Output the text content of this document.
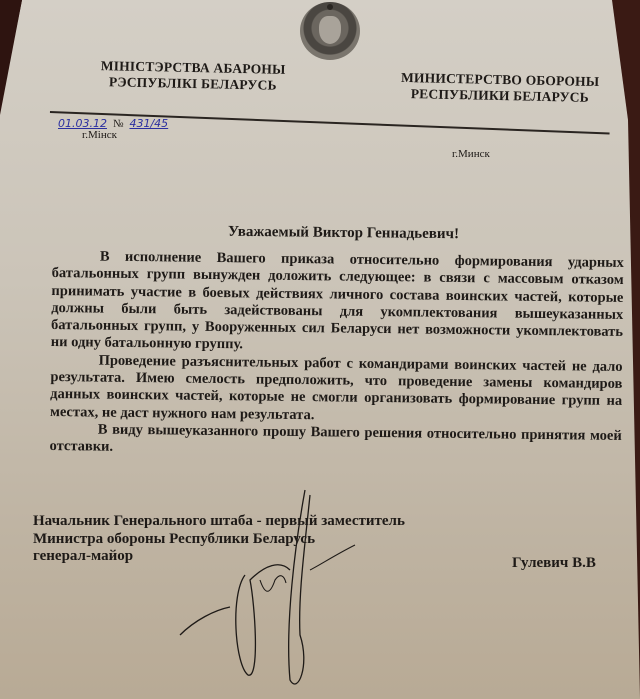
МІНІСТЭРСТВА АБАРОНЫ
РЭСПУБЛІКІ БЕЛАРУСЬ	МИНИСТЕРСТВО ОБОРОНЫ
РЕСПУБЛИКИ БЕЛАРУСЬ
01.03.12 № 431/45
г.Мінск
г.Минск
Уважаемый Виктор Геннадьевич!

В исполнение Вашего приказа относительно формирования ударных батальонных групп вынужден доложить следующее: в связи с массовым отказом принимать участие в боевых действиях личного состава воинских частей, которые должны были быть задействованы для укомплектования вышеуказанных батальонных групп, у Вооруженных сил Беларуси нет возможности укомплектовать ни одну батальонную группу.

Проведение разъяснительных работ с командирами воинских частей не дало результата. Имею смелость предположить, что проведение замены командиров данных воинских частей, которые не смогли организовать формирование групп на местах, не даст нужного нам результата.

В виду вышеуказанного прошу Вашего решения относительно принятия моей отставки.

Начальник Генерального штаба - первый заместитель
Министра обороны Республики Беларусь
генерал-майор	Гулевич В.В
